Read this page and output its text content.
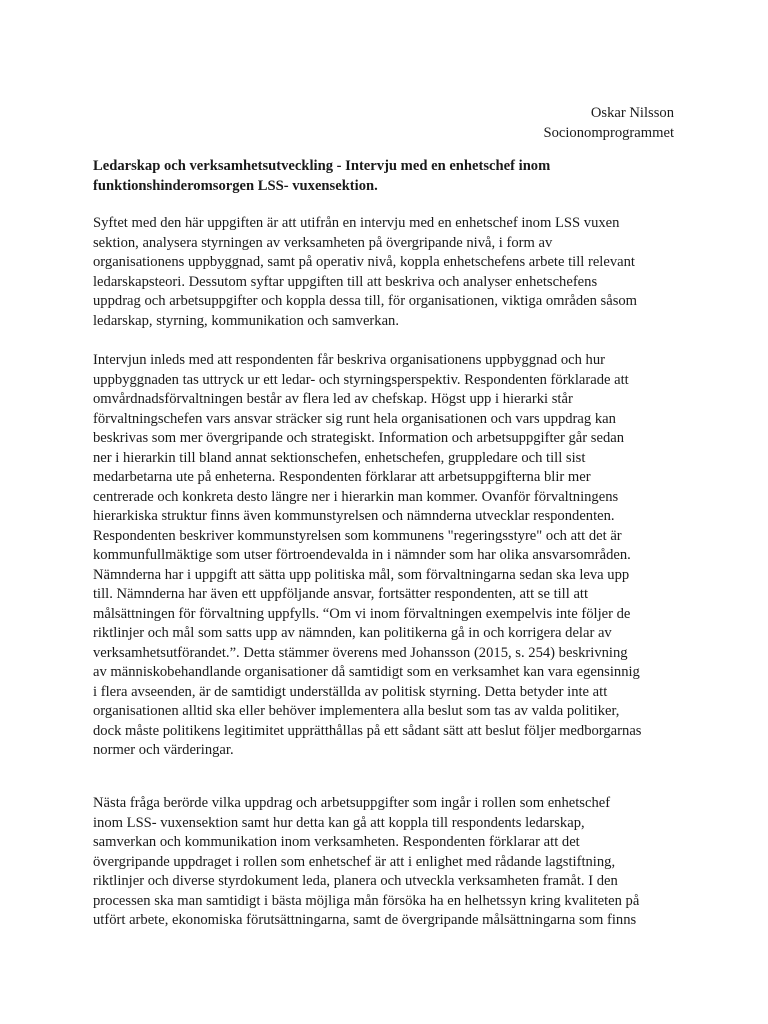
Oskar Nilsson
Socionomprogrammet
Ledarskap och verksamhetsutveckling - Intervju med en enhetschef inom
funktionshinderomsorgen LSS- vuxensektion.
Syftet med den här uppgiften är att utifrån en intervju med en enhetschef inom LSS vuxen
sektion, analysera styrningen av verksamheten på övergripande nivå, i form av
organisationens uppbyggnad, samt på operativ nivå, koppla enhetschefens arbete till relevant
ledarskapsteori. Dessutom syftar uppgiften till att beskriva och analyser enhetschefens
uppdrag och arbetsuppgifter och koppla dessa till, för organisationen, viktiga områden såsom
ledarskap, styrning, kommunikation och samverkan.
Intervjun inleds med att respondenten får beskriva organisationens uppbyggnad och hur
uppbyggnaden tas uttryck ur ett ledar- och styrningsperspektiv. Respondenten förklarade att
omvårdnadsförvaltningen består av flera led av chefskap. Högst upp i hierarki står
förvaltningschefen vars ansvar sträcker sig runt hela organisationen och vars uppdrag kan
beskrivas som mer övergripande och strategiskt. Information och arbetsuppgifter går sedan
ner i hierarkin till bland annat sektionschefen, enhetschefen, gruppledare och till sist
medarbetarna ute på enheterna. Respondenten förklarar att arbetsuppgifterna blir mer
centrerade och konkreta desto längre ner i hierarkin man kommer. Ovanför förvaltningens
hierarkiska struktur finns även kommunstyrelsen och nämnderna utvecklar respondenten.
Respondenten beskriver kommunstyrelsen som kommunens "regeringsstyre" och att det är
kommunfullmäktige som utser förtroendevalda in i nämnder som har olika ansvarsområden.
Nämnderna har i uppgift att sätta upp politiska mål, som förvaltningarna sedan ska leva upp
till. Nämnderna har även ett uppföljande ansvar, fortsätter respondenten, att se till att
målsättningen för förvaltning uppfylls. “Om vi inom förvaltningen exempelvis inte följer de
riktlinjer och mål som satts upp av nämnden, kan politikerna gå in och korrigera delar av
verksamhetsutförandet.”. Detta stämmer överens med Johansson (2015, s. 254) beskrivning
av människobehandlande organisationer då samtidigt som en verksamhet kan vara egensinnig
i flera avseenden, är de samtidigt underställda av politisk styrning. Detta betyder inte att
organisationen alltid ska eller behöver implementera alla beslut som tas av valda politiker,
dock måste politikens legitimitet upprätthållas på ett sådant sätt att beslut följer medborgarnas
normer och värderingar.
Nästa fråga berörde vilka uppdrag och arbetsuppgifter som ingår i rollen som enhetschef
inom LSS- vuxensektion samt hur detta kan gå att koppla till respondents ledarskap,
samverkan och kommunikation inom verksamheten. Respondenten förklarar att det
övergripande uppdraget i rollen som enhetschef är att i enlighet med rådande lagstiftning,
riktlinjer och diverse styrdokument leda, planera och utveckla verksamheten framåt. I den
processen ska man samtidigt i bästa möjliga mån försöka ha en helhetssyn kring kvaliteten på
utfört arbete, ekonomiska förutsättningarna, samt de övergripande målsättningarna som finns
